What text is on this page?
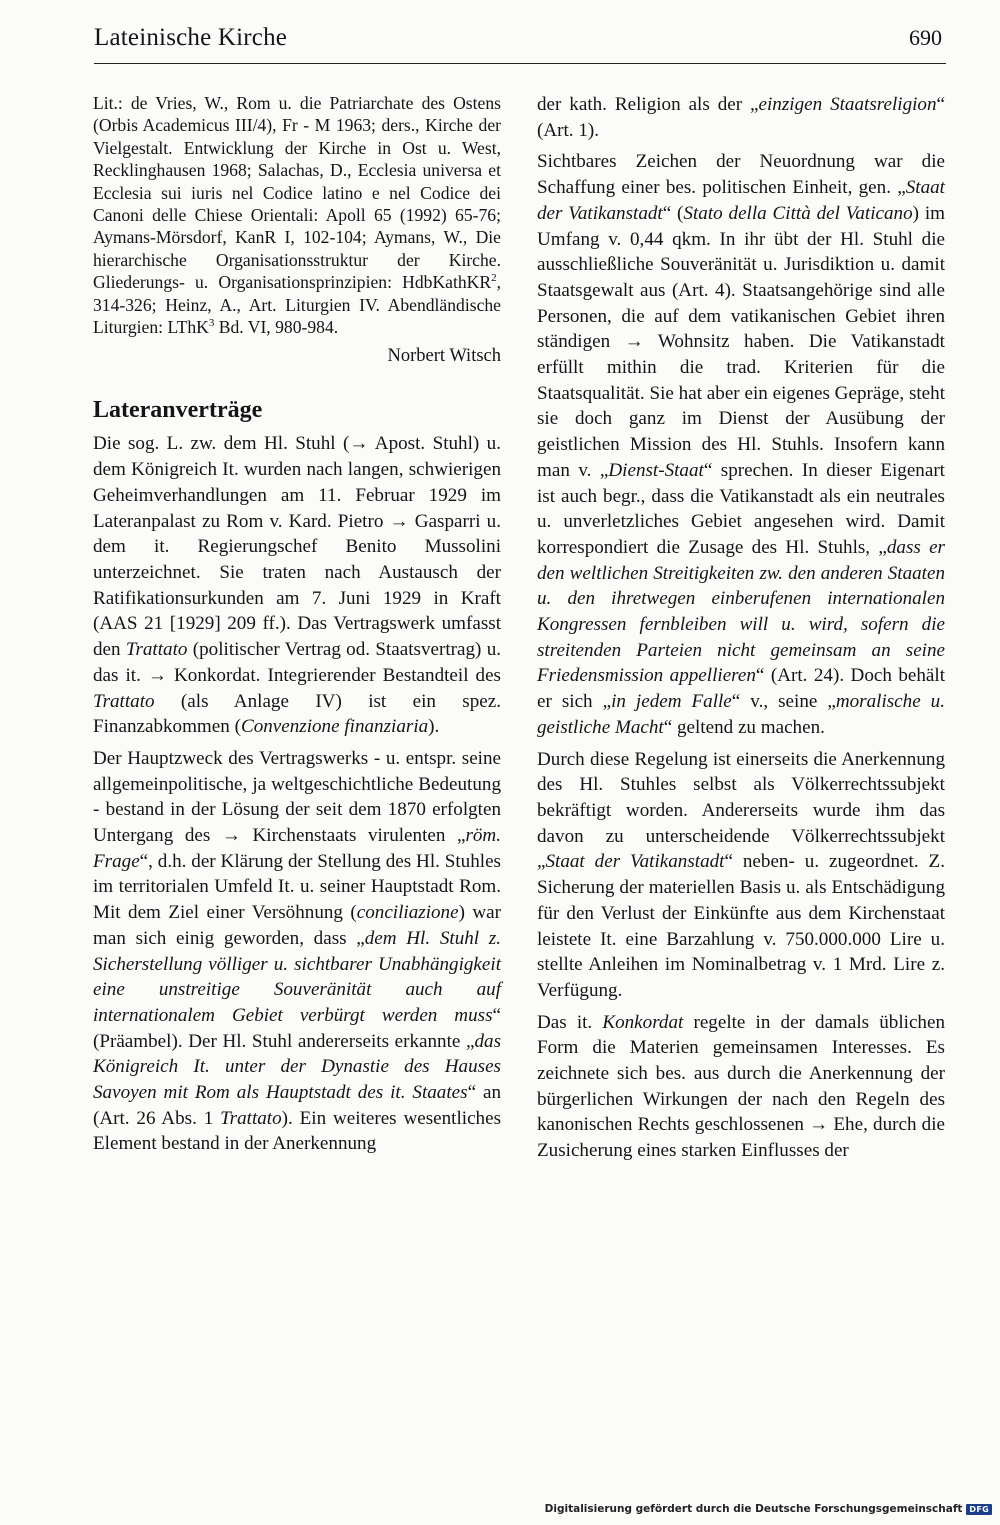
Lateinische Kirche	690

Lit.: de Vries, W., Rom u. die Patriarchate des Ostens (Orbis Academicus III/4), Fr - M 1963; ders., Kirche der Vielgestalt. Entwicklung der Kirche in Ost u. West, Recklinghausen 1968; Salachas, D., Ecclesia universa et Ecclesia sui iuris nel Codice latino e nel Codice dei Canoni delle Chiese Orientali: Apoll 65 (1992) 65-76; Aymans-Mörsdorf, KanR I, 102-104; Aymans, W., Die hierarchische Organisationsstruktur der Kirche. Gliederungs- u. Organisationsprinzipien: HdbKathKR$^2$, 314-326; Heinz, A., Art. Liturgien IV. Abendländische Liturgien: LThK$^3$ Bd. VI, 980-984.

Norbert Witsch

Lateranverträge

Die sog. L. zw. dem Hl. Stuhl (→ Apost. Stuhl) u. dem Königreich It. wurden nach langen, schwierigen Geheimverhandlungen am 11. Februar 1929 im Lateranpalast zu Rom v. Kard. Pietro → Gasparri u. dem it. Regierungschef Benito Mussolini unterzeichnet. Sie traten nach Austausch der Ratifikationsurkunden am 7. Juni 1929 in Kraft (AAS 21 [1929] 209 ff.). Das Vertragswerk umfasst den Trattato (politischer Vertrag od. Staatsvertrag) u. das it. → Konkordat. Integrierender Bestandteil des Trattato (als Anlage IV) ist ein spez. Finanzabkommen (Convenzione finanziaria).

Der Hauptzweck des Vertragswerks - u. entspr. seine allgemeinpolitische, ja weltgeschichtliche Bedeutung - bestand in der Lösung der seit dem 1870 erfolgten Untergang des → Kirchenstaats virulenten „röm. Frage“, d.h. der Klärung der Stellung des Hl. Stuhles im territorialen Umfeld It. u. seiner Hauptstadt Rom. Mit dem Ziel einer Versöhnung (conciliazione) war man sich einig geworden, dass „dem Hl. Stuhl z. Sicherstellung völliger u. sichtbarer Unabhängigkeit eine unstreitige Souveränität auch auf internationalem Gebiet verbürgt werden muss“ (Präambel). Der Hl. Stuhl andererseits erkannte „das Königreich It. unter der Dynastie des Hauses Savoyen mit Rom als Hauptstadt des it. Staates“ an (Art. 26 Abs. 1 Trattato). Ein weiteres wesentliches Element bestand in der Anerkennung

der kath. Religion als der „einzigen Staatsreligion“ (Art. 1).

Sichtbares Zeichen der Neuordnung war die Schaffung einer bes. politischen Einheit, gen. „Staat der Vatikanstadt“ (Stato della Città del Vaticano) im Umfang v. 0,44 qkm. In ihr übt der Hl. Stuhl die ausschließliche Souveränität u. Jurisdiktion u. damit Staatsgewalt aus (Art. 4). Staatsangehörige sind alle Personen, die auf dem vatikanischen Gebiet ihren ständigen → Wohnsitz haben. Die Vatikanstadt erfüllt mithin die trad. Kriterien für die Staatsqualität. Sie hat aber ein eigenes Gepräge, steht sie doch ganz im Dienst der Ausübung der geistlichen Mission des Hl. Stuhls. Insofern kann man v. „Dienst-Staat“ sprechen. In dieser Eigenart ist auch begr., dass die Vatikanstadt als ein neutrales u. unverletzliches Gebiet angesehen wird. Damit korrespondiert die Zusage des Hl. Stuhls, „dass er den weltlichen Streitigkeiten zw. den anderen Staaten u. den ihretwegen einberufenen internationalen Kongressen fernbleiben will u. wird, sofern die streitenden Parteien nicht gemeinsam an seine Friedensmission appellieren“ (Art. 24). Doch behält er sich „in jedem Falle“ v., seine „moralische u. geistliche Macht“ geltend zu machen.

Durch diese Regelung ist einerseits die Anerkennung des Hl. Stuhles selbst als Völkerrechtssubjekt bekräftigt worden. Andererseits wurde ihm das davon zu unterscheidende Völkerrechtssubjekt „Staat der Vatikanstadt“ neben- u. zugeordnet. Z. Sicherung der materiellen Basis u. als Entschädigung für den Verlust der Einkünfte aus dem Kirchenstaat leistete It. eine Barzahlung v. 750.000.000 Lire u. stellte Anleihen im Nominalbetrag v. 1 Mrd. Lire z. Verfügung.

Das it. Konkordat regelte in der damals üblichen Form die Materien gemeinsamen Interesses. Es zeichnete sich bes. aus durch die Anerkennung der bürgerlichen Wirkungen der nach den Regeln des kanonischen Rechts geschlossenen → Ehe, durch die Zusicherung eines starken Einflusses der

Digitalisierung gefördert durch die Deutsche Forschungsgemeinschaft DFG
